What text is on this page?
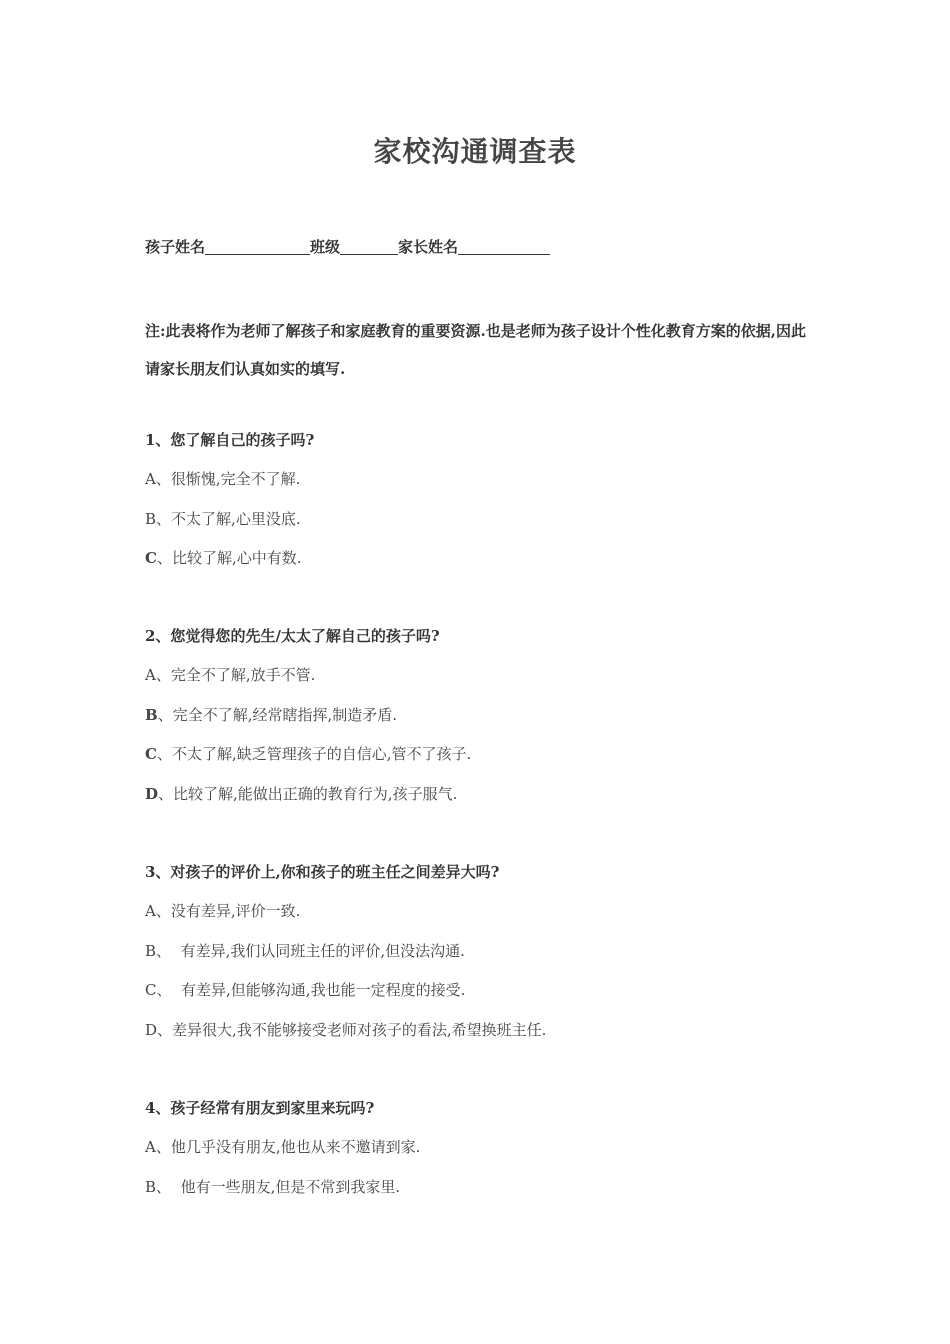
家校沟通调查表
孩子姓名	班级	家长姓名
注:此表将作为老师了解孩子和家庭教育的重要资源.也是老师为孩子设计个性化教育方案的依据,因此请家长朋友们认真如实的填写.
1、您了解自己的孩子吗?
A、很惭愧,完全不了解.
B、不太了解,心里没底.
C、比较了解,心中有数.
2、您觉得您的先生/太太了解自己的孩子吗?
A、完全不了解,放手不管.
B、完全不了解,经常瞎指挥,制造矛盾.
C、不太了解,缺乏管理孩子的自信心,管不了孩子.
D、比较了解,能做出正确的教育行为,孩子服气.
3、对孩子的评价上,你和孩子的班主任之间差异大吗?
A、没有差异,评价一致.
B、  有差异,我们认同班主任的评价,但没法沟通.
C、  有差异,但能够沟通,我也能一定程度的接受.
D、差异很大,我不能够接受老师对孩子的看法,希望换班主任.
4、孩子经常有朋友到家里来玩吗?
A、他几乎没有朋友,他也从来不邀请到家.
B、  他有一些朋友,但是不常到我家里.
